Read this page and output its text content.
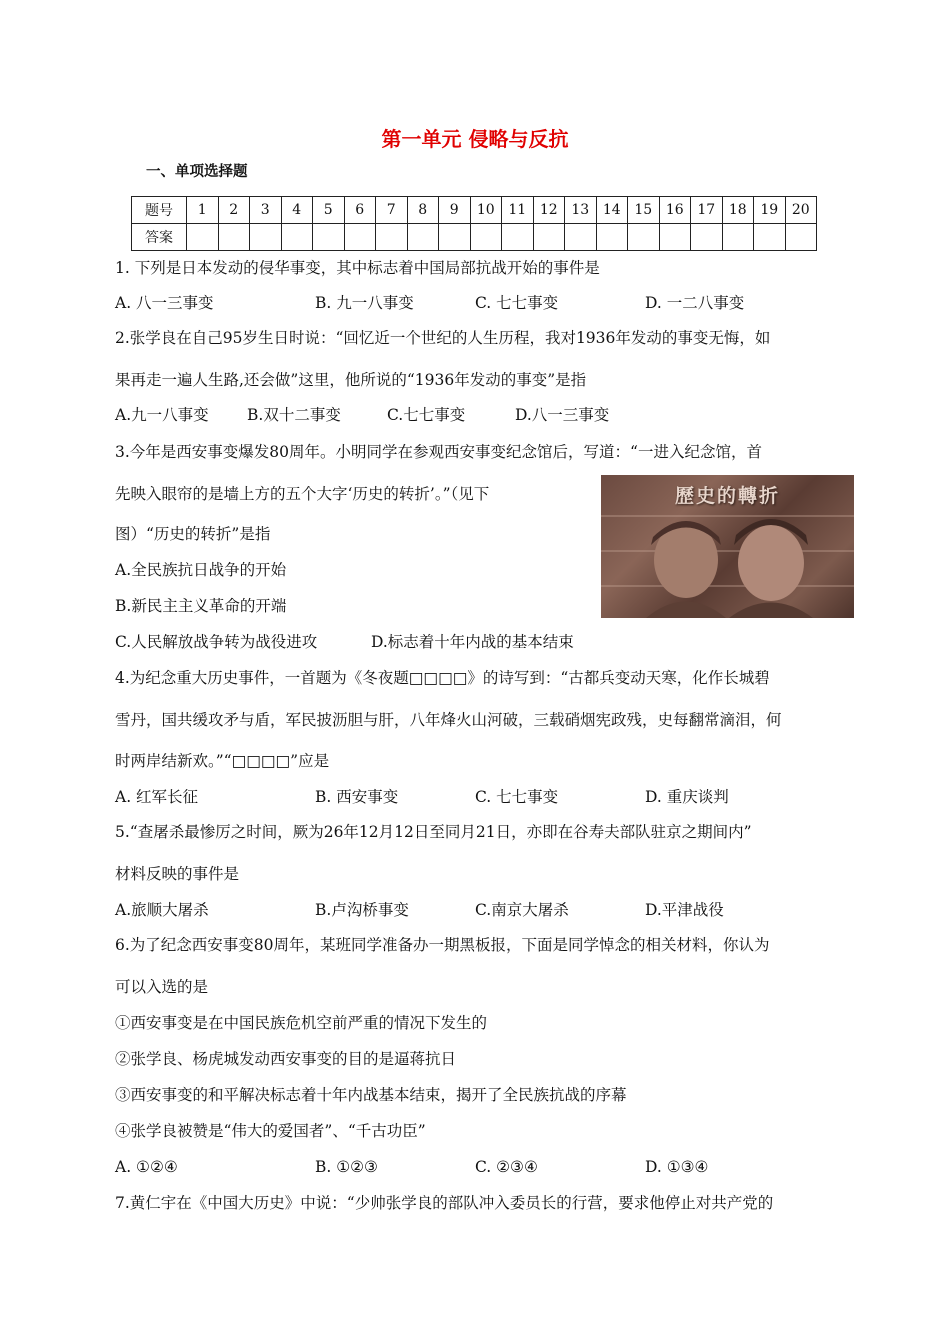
第一单元 侵略与反抗
一、单项选择题
题号	1	2	3	4	5	6	7	8	9	10	11	12	13	14	15	16	17	18	19	20
答案																				
1. 下列是日本发动的侵华事变，其中标志着中国局部抗战开始的事件是
A. 八一三事变	B. 九一八事变	C. 七七事变	D. 一二八事变
2.张学良在自己95岁生日时说：“回忆近一个世纪的人生历程，我对1936年发动的事变无悔，如
果再走一遍人生路,还会做”这里，他所说的“1936年发动的事变”是指
A.九一八事变 B.双十二事变	C.七七事变	D.八一三事变
3.今年是西安事变爆发80周年。小明同学在参观西安事变纪念馆后，写道：“一进入纪念馆，首
先映入眼帘的是墙上方的五个大字‘历史的转折’。”（见下
图）“历史的转折”是指
A.全民族抗日战争的开始
B.新民主主义革命的开端
C.人民解放战争转为战役进攻	D.标志着十年内战的基本结束
歷史的轉折
4.为纪念重大历史事件，一首题为《冬夜题□□□□》的诗写到：“古都兵变动天寒，化作长城碧
雪丹，国共缓攻矛与盾，军民披沥胆与肝，八年烽火山河破，三载硝烟宪政残，史每翻常滴泪，何
时两岸结新欢。”“□□□□”应是
A. 红军长征	B. 西安事变	C. 七七事变	D. 重庆谈判
5.“查屠杀最惨厉之时间，厥为26年12月12日至同月21日，亦即在谷寿夫部队驻京之期间内”
材料反映的事件是
A.旅顺大屠杀	B.卢沟桥事变	C.南京大屠杀	D.平津战役
6.为了纪念西安事变80周年，某班同学准备办一期黑板报，下面是同学悼念的相关材料，你认为
可以入选的是
①西安事变是在中国民族危机空前严重的情况下发生的
②张学良、杨虎城发动西安事变的目的是逼蒋抗日
③西安事变的和平解决标志着十年内战基本结束，揭开了全民族抗战的序幕
④张学良被赞是“伟大的爱国者”、“千古功臣”
A. ①②④	B. ①②③	C. ②③④	D. ①③④
7.黄仁宇在《中国大历史》中说：“少帅张学良的部队冲入委员长的行营，要求他停止对共产党的
